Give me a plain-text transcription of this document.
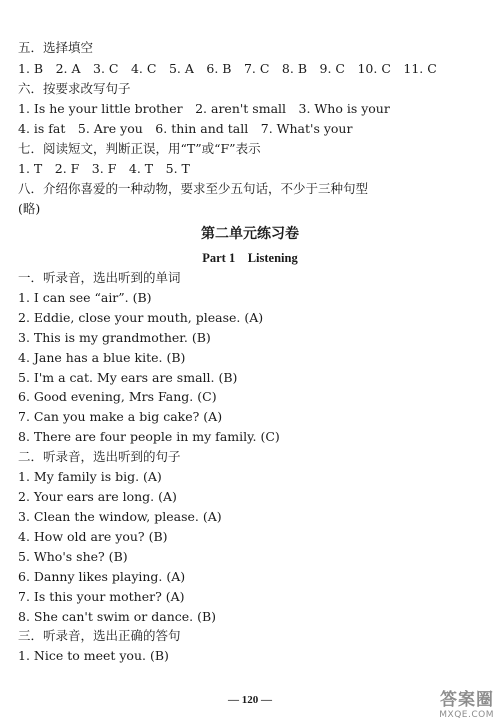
五．选择填空
1. B　2. A　3. C　4. C　5. A　6. B　7. C　8. B　9. C　10. C　11. C
六．按要求改写句子
1. Is he your little brother　2. aren't small　3. Who is your
4. is fat　5. Are you　6. thin and tall　7. What's your
七．阅读短文，判断正误，用“T”或“F”表示
1. T　2. F　3. F　4. T　5. T
八．介绍你喜爱的一种动物，要求至少五句话，不少于三种句型
(略)
第二单元练习卷
Part 1　Listening
一．听录音，选出听到的单词
1. I can see “air”. (B)
2. Eddie, close your mouth, please. (A)
3. This is my grandmother. (B)
4. Jane has a blue kite. (B)
5. I'm a cat. My ears are small. (B)
6. Good evening, Mrs Fang. (C)
7. Can you make a big cake? (A)
8. There are four people in my family. (C)
二．听录音，选出听到的句子
1. My family is big. (A)
2. Your ears are long. (A)
3. Clean the window, please. (A)
4. How old are you? (B)
5. Who's she? (B)
6. Danny likes playing. (A)
7. Is this your mother? (A)
8. She can't swim or dance. (B)
三．听录音，选出正确的答句
1. Nice to meet you. (B)
— 120 —	答案圈
MXQE.COM
